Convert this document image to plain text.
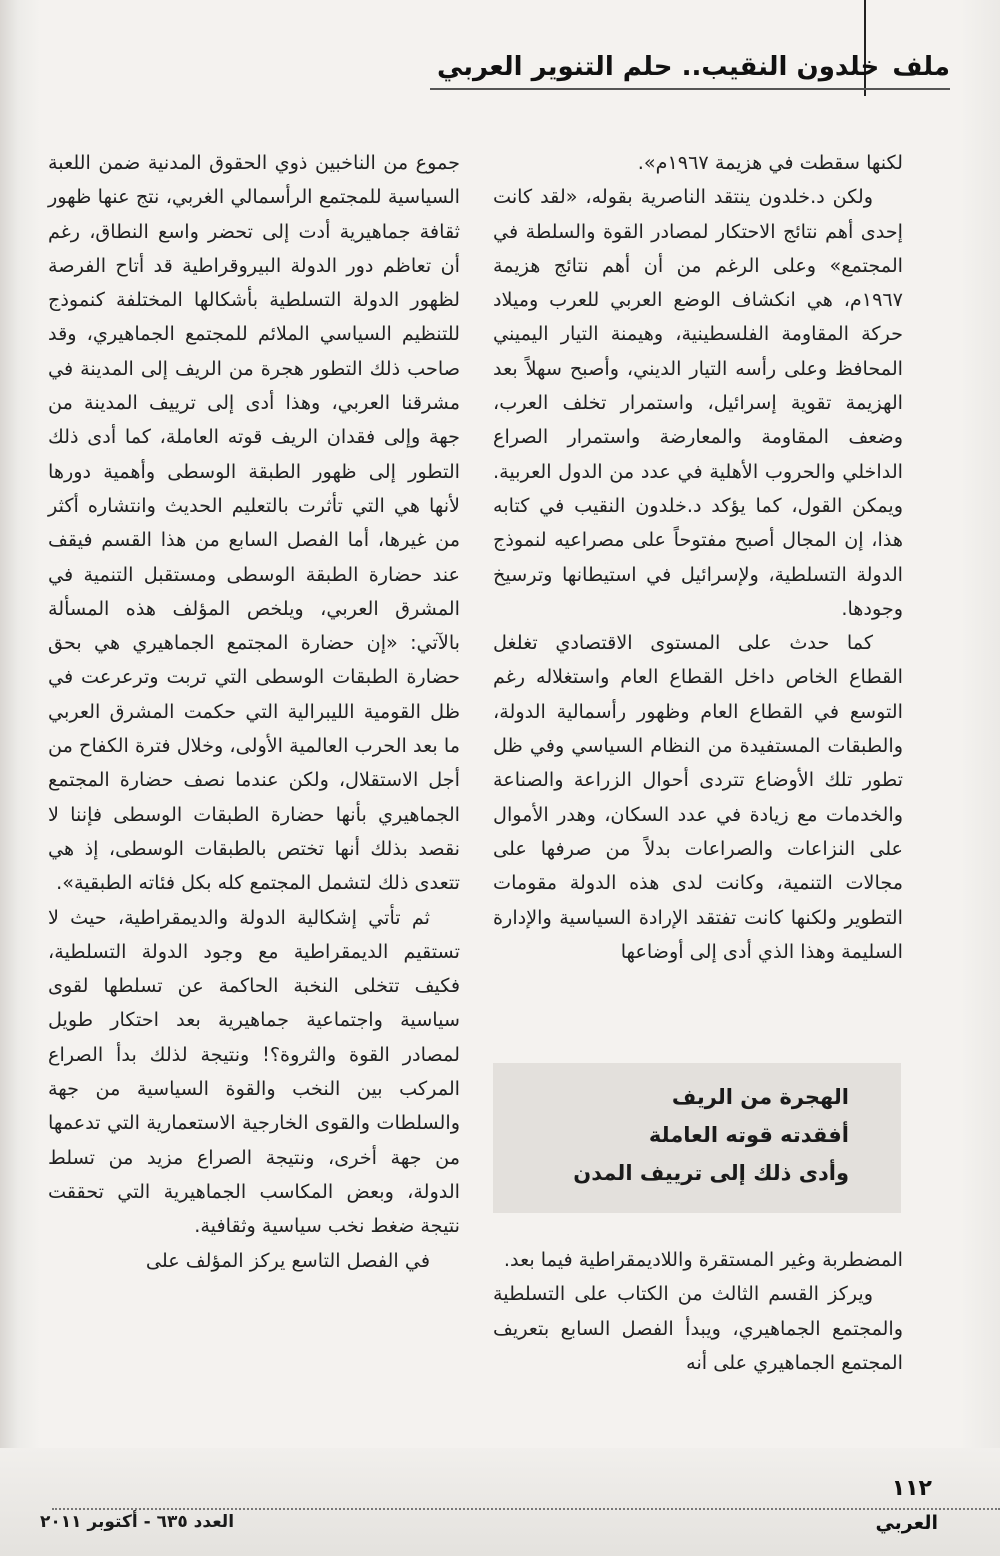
ملف خلدون النقيب.. حلم التنوير العربي

لكنها سقطت في هزيمة ١٩٦٧م».

ولكن د.خلدون ينتقد الناصرية بقوله، «لقد كانت إحدى أهم نتائج الاحتكار لمصادر القوة والسلطة في المجتمع» وعلى الرغم من أن أهم نتائج هزيمة ١٩٦٧م، هي انكشاف الوضع العربي للعرب وميلاد حركة المقاومة الفلسطينية، وهيمنة التيار اليميني المحافظ وعلى رأسه التيار الديني، وأصبح سهلاً بعد الهزيمة تقوية إسرائيل، واستمرار تخلف العرب، وضعف المقاومة والمعارضة واستمرار الصراع الداخلي والحروب الأهلية في عدد من الدول العربية. ويمكن القول، كما يؤكد د.خلدون النقيب في كتابه هذا، إن المجال أصبح مفتوحاً على مصراعيه لنموذج الدولة التسلطية، ولإسرائيل في استيطانها وترسيخ وجودها.

كما حدث على المستوى الاقتصادي تغلغل القطاع الخاص داخل القطاع العام واستغلاله رغم التوسع في القطاع العام وظهور رأسمالية الدولة، والطبقات المستفيدة من النظام السياسي وفي ظل تطور تلك الأوضاع تتردى أحوال الزراعة والصناعة والخدمات مع زيادة في عدد السكان، وهدر الأموال على النزاعات والصراعات بدلاً من صرفها على مجالات التنمية، وكانت لدى هذه الدولة مقومات التطوير ولكنها كانت تفتقد الإرادة السياسية والإدارة السليمة وهذا الذي أدى إلى أوضاعها

الهجرة من الريف
أفقدته قوته العاملة
وأدى ذلك إلى ترييف المدن

المضطربة وغير المستقرة واللاديمقراطية فيما بعد.

ويركز القسم الثالث من الكتاب على التسلطية والمجتمع الجماهيري، ويبدأ الفصل السابع بتعريف المجتمع الجماهيري على أنه

جموع من الناخبين ذوي الحقوق المدنية ضمن اللعبة السياسية للمجتمع الرأسمالي الغربي، نتج عنها ظهور ثقافة جماهيرية أدت إلى تحضر واسع النطاق، رغم أن تعاظم دور الدولة البيروقراطية قد أتاح الفرصة لظهور الدولة التسلطية بأشكالها المختلفة كنموذج للتنظيم السياسي الملائم للمجتمع الجماهيري، وقد صاحب ذلك التطور هجرة من الريف إلى المدينة في مشرقنا العربي، وهذا أدى إلى ترييف المدينة من جهة وإلى فقدان الريف قوته العاملة، كما أدى ذلك التطور إلى ظهور الطبقة الوسطى وأهمية دورها لأنها هي التي تأثرت بالتعليم الحديث وانتشاره أكثر من غيرها، أما الفصل السابع من هذا القسم فيقف عند حضارة الطبقة الوسطى ومستقبل التنمية في المشرق العربي، ويلخص المؤلف هذه المسألة بالآتي: «إن حضارة المجتمع الجماهيري هي بحق حضارة الطبقات الوسطى التي تربت وترعرعت في ظل القومية الليبرالية التي حكمت المشرق العربي ما بعد الحرب العالمية الأولى، وخلال فترة الكفاح من أجل الاستقلال، ولكن عندما نصف حضارة المجتمع الجماهيري بأنها حضارة الطبقات الوسطى فإننا لا نقصد بذلك أنها تختص بالطبقات الوسطى، إذ هي تتعدى ذلك لتشمل المجتمع كله بكل فئاته الطبقية».

ثم تأتي إشكالية الدولة والديمقراطية، حيث لا تستقيم الديمقراطية مع وجود الدولة التسلطية، فكيف تتخلى النخبة الحاكمة عن تسلطها لقوى سياسية واجتماعية جماهيرية بعد احتكار طويل لمصادر القوة والثروة؟! ونتيجة لذلك بدأ الصراع المركب بين النخب والقوة السياسية من جهة والسلطات والقوى الخارجية الاستعمارية التي تدعمها من جهة أخرى، ونتيجة الصراع مزيد من تسلط الدولة، وبعض المكاسب الجماهيرية التي تحققت نتيجة ضغط نخب سياسية وثقافية.

في الفصل التاسع يركز المؤلف على

١١٢
العربي
العدد ٦٣٥ - أكتوبر ٢٠١١
